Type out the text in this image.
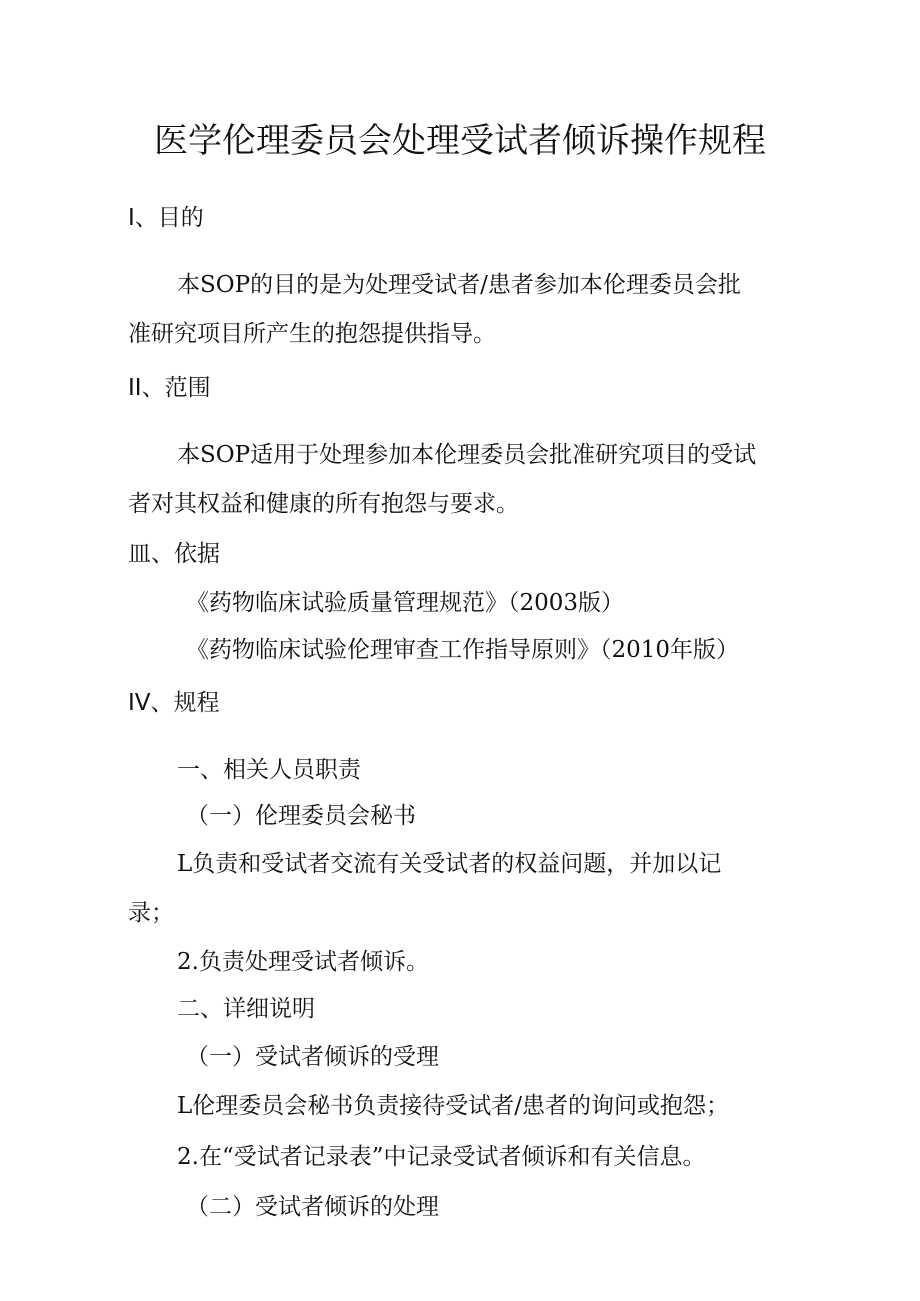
医学伦理委员会处理受试者倾诉操作规程

I、目的

本SOP的目的是为处理受试者/患者参加本伦理委员会批

准研究项目所产生的抱怨提供指导。

II、范围

本SOP适用于处理参加本伦理委员会批准研究项目的受试

者对其权益和健康的所有抱怨与要求。

皿、依据

《药物临床试验质量管理规范》（2003版）

《药物临床试验伦理审查工作指导原则》（2010年版）

IV、规程

一、相关人员职责

（一）伦理委员会秘书

L负责和受试者交流有关受试者的权益问题，并加以记

录；

2.负责处理受试者倾诉。

二、详细说明

（一）受试者倾诉的受理

L伦理委员会秘书负责接待受试者/患者的询问或抱怨；

2.在“受试者记录表”中记录受试者倾诉和有关信息。

（二）受试者倾诉的处理
